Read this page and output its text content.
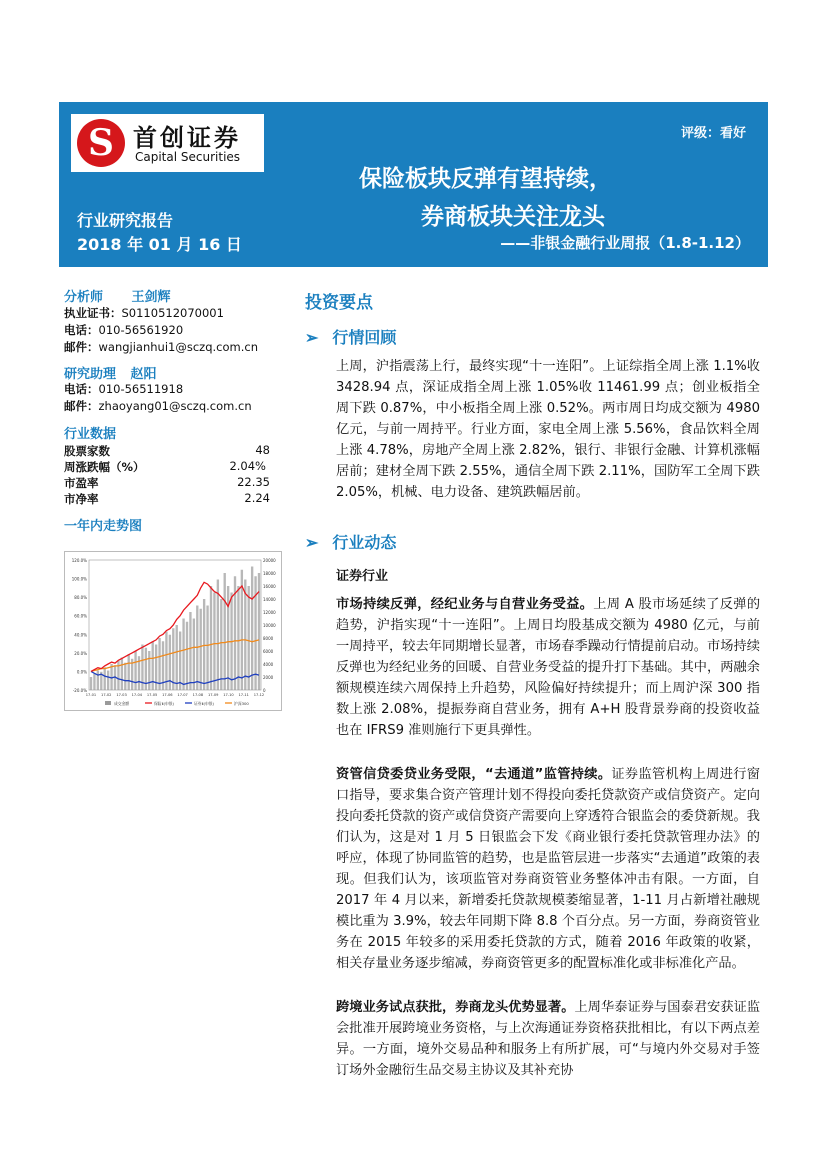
S 首创证券
Capital Securities
评级：看好
保险板块反弹有望持续，
券商板块关注龙头
——非银金融行业周报（1.8-1.12）
行业研究报告
2018 年 01 月 16 日
分析师 王剑辉
执业证书：S0110512070001
电话：010-56561920
邮件：wangjianhui1@sczq.com.cn
研究助理 赵阳
电话：010-56511918
邮件：zhaoyang01@sczq.com.cn
行业数据
股票家数	48
周涨跌幅（%）	2.04%
市盈率	22.35
市净率	2.24
一年内走势图
120.0%
100.0%
80.0%
60.0%
40.0%
20.0%
0.0%
-20.0%
20000
18000
16000
14000
12000
10000
8000
6000
4000
2000
0
17-01 17-02 17-03 17-04 17-05 17-06 17-07 17-08 17-09 17-10 17-11 17-12
成交金额	保险Ⅱ(申银)	证券Ⅱ(申银)	沪深300
投资要点
➢ 行情回顾
上周，沪指震荡上行，最终实现“十一连阳”。上证综指全周上涨 1.1%收 3428.94 点，深证成指全周上涨 1.05%收 11461.99 点；创业板指全周下跌 0.87%，中小板指全周上涨 0.52%。两市周日均成交额为 4980 亿元，与前一周持平。行业方面，家电全周上涨 5.56%，食品饮料全周上涨 4.78%，房地产全周上涨 2.82%，银行、非银行金融、计算机涨幅居前；建材全周下跌 2.55%，通信全周下跌 2.11%，国防军工全周下跌 2.05%，机械、电力设备、建筑跌幅居前。
➢ 行业动态
证券行业
市场持续反弹，经纪业务与自营业务受益。上周 A 股市场延续了反弹的趋势，沪指实现“十一连阳”。上周日均股基成交额为 4980 亿元，与前一周持平，较去年同期增长显著，市场春季躁动行情提前启动。市场持续反弹也为经纪业务的回暖、自营业务受益的提升打下基础。其中，两融余额规模连续六周保持上升趋势，风险偏好持续提升；而上周沪深 300 指数上涨 2.08%，提振券商自营业务，拥有 A+H 股背景券商的投资收益也在 IFRS9 准则施行下更具弹性。
资管信贷委贷业务受限，“去通道”监管持续。证券监管机构上周进行窗口指导，要求集合资产管理计划不得投向委托贷款资产或信贷资产。定向投向委托贷款的资产或信贷资产需要向上穿透符合银监会的委贷新规。我们认为，这是对 1 月 5 日银监会下发《商业银行委托贷款管理办法》的呼应，体现了协同监管的趋势，也是监管层进一步落实“去通道”政策的表现。但我们认为，该项监管对券商资管业务整体冲击有限。一方面，自 2017 年 4 月以来，新增委托贷款规模萎缩显著，1-11 月占新增社融规模比重为 3.9%，较去年同期下降 8.8 个百分点。另一方面，券商资管业务在 2015 年较多的采用委托贷款的方式，随着 2016 年政策的收紧，相关存量业务逐步缩减，券商资管更多的配置标准化或非标准化产品。
跨境业务试点获批，券商龙头优势显著。上周华泰证券与国泰君安获证监会批准开展跨境业务资格，与上次海通证券资格获批相比，有以下两点差异。一方面，境外交易品种和服务上有所扩展，可“与境内外交易对手签订场外金融衍生品交易主协议及其补充协
